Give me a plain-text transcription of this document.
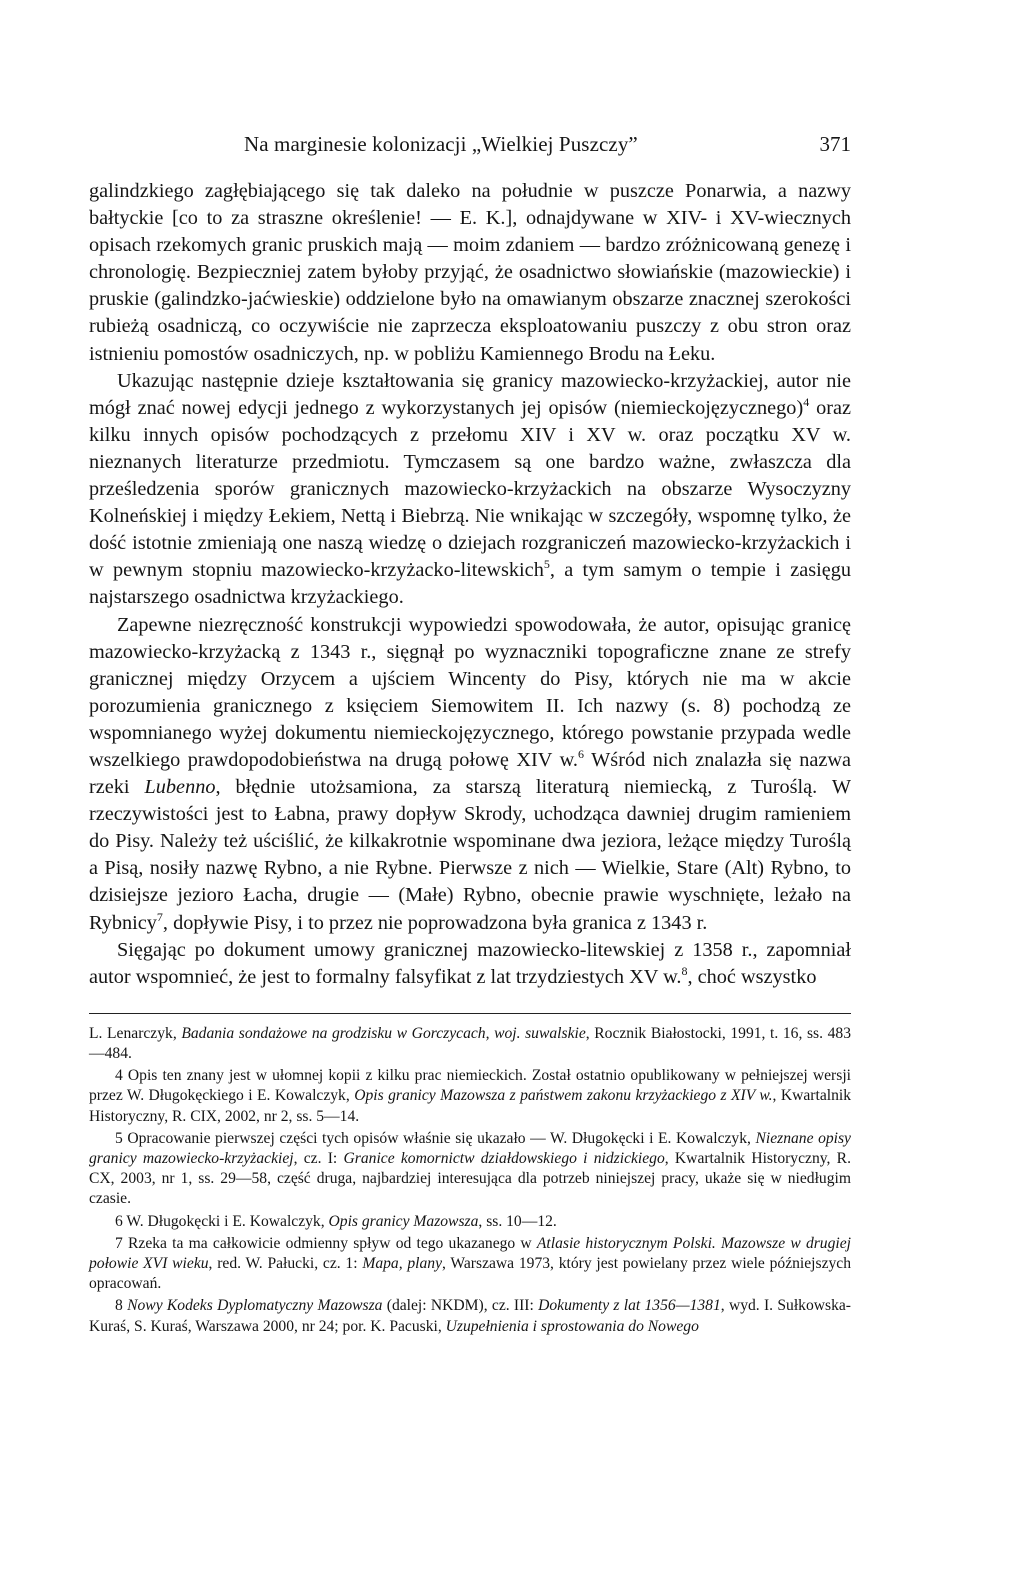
Na marginesie kolonizacji „Wielkiej Puszczy”	371

galindzkiego zagłębiającego się tak daleko na południe w puszcze Ponarwia, a nazwy bałtyckie [co to za straszne określenie! — E. K.], odnajdywane w XIV- i XV-wiecznych opisach rzekomych granic pruskich mają — moim zdaniem — bardzo zróżnicowaną genezę i chronologię. Bezpieczniej zatem byłoby przyjąć, że osadnictwo słowiańskie (mazowieckie) i pruskie (galindzko-jaćwieskie) oddzielone było na omawianym obszarze znacznej szerokości rubieżą osadniczą, co oczywiście nie zaprzecza eksploatowaniu puszczy z obu stron oraz istnieniu pomostów osadniczych, np. w pobliżu Kamiennego Brodu na Łeku.

Ukazując następnie dzieje kształtowania się granicy mazowiecko-krzyżackiej, autor nie mógł znać nowej edycji jednego z wykorzystanych jej opisów (niemieckojęzycznego)$^4$ oraz kilku innych opisów pochodzących z przełomu XIV i XV w. oraz początku XV w. nieznanych literaturze przedmiotu. Tymczasem są one bardzo ważne, zwłaszcza dla prześledzenia sporów granicznych mazowiecko-krzyżackich na obszarze Wysoczyzny Kolneńskiej i między Łekiem, Nettą i Biebrzą. Nie wnikając w szczegóły, wspomnę tylko, że dość istotnie zmieniają one naszą wiedzę o dziejach rozgraniczeń mazowiecko-krzyżackich i w pewnym stopniu mazowiecko-krzyżacko-litewskich$^5$, a tym samym o tempie i zasięgu najstarszego osadnictwa krzyżackiego.

Zapewne niezręczność konstrukcji wypowiedzi spowodowała, że autor, opisując granicę mazowiecko-krzyżacką z 1343 r., sięgnął po wyznaczniki topograficzne znane ze strefy granicznej między Orzycem a ujściem Wincenty do Pisy, których nie ma w akcie porozumienia granicznego z księciem Siemowitem II. Ich nazwy (s. 8) pochodzą ze wspomnianego wyżej dokumentu niemieckojęzycznego, którego powstanie przypada wedle wszelkiego prawdopodobieństwa na drugą połowę XIV w.$^6$ Wśród nich znalazła się nazwa rzeki Lubenno, błędnie utożsamiona, za starszą literaturą niemiecką, z Turoślą. W rzeczywistości jest to Łabna, prawy dopływ Skrody, uchodząca dawniej drugim ramieniem do Pisy. Należy też uściślić, że kilkakrotnie wspominane dwa jeziora, leżące między Turoślą a Pisą, nosiły nazwę Rybno, a nie Rybne. Pierwsze z nich — Wielkie, Stare (Alt) Rybno, to dzisiejsze jezioro Łacha, drugie — (Małe) Rybno, obecnie prawie wyschnięte, leżało na Rybnicy$^7$, dopływie Pisy, i to przez nie poprowadzona była granica z 1343 r.

Sięgając po dokument umowy granicznej mazowiecko-litewskiej z 1358 r., zapomniał autor wspomnieć, że jest to formalny falsyfikat z lat trzydziestych XV w.$^8$, choć wszystko

L. Lenarczyk, Badania sondażowe na grodzisku w Gorczycach, woj. suwalskie, Rocznik Białostocki, 1991, t. 16, ss. 483—484.

4 Opis ten znany jest w ułomnej kopii z kilku prac niemieckich. Został ostatnio opublikowany w pełniejszej wersji przez W. Długokęckiego i E. Kowalczyk, Opis granicy Mazowsza z państwem zakonu krzyżackiego z XIV w., Kwartalnik Historyczny, R. CIX, 2002, nr 2, ss. 5—14.

5 Opracowanie pierwszej części tych opisów właśnie się ukazało — W. Długokęcki i E. Kowalczyk, Nieznane opisy granicy mazowiecko-krzyżackiej, cz. I: Granice komornictw działdowskiego i nidzickiego, Kwartalnik Historyczny, R. CX, 2003, nr 1, ss. 29—58, część druga, najbardziej interesująca dla potrzeb niniejszej pracy, ukaże się w niedługim czasie.

6 W. Długokęcki i E. Kowalczyk, Opis granicy Mazowsza, ss. 10—12.

7 Rzeka ta ma całkowicie odmienny spływ od tego ukazanego w Atlasie historycznym Polski. Mazowsze w drugiej połowie XVI wieku, red. W. Pałucki, cz. 1: Mapa, plany, Warszawa 1973, który jest powielany przez wiele późniejszych opracowań.

8 Nowy Kodeks Dyplomatyczny Mazowsza (dalej: NKDM), cz. III: Dokumenty z lat 1356—1381, wyd. I. Sułkowska-Kuraś, S. Kuraś, Warszawa 2000, nr 24; por. K. Pacuski, Uzupełnienia i sprostowania do Nowego
